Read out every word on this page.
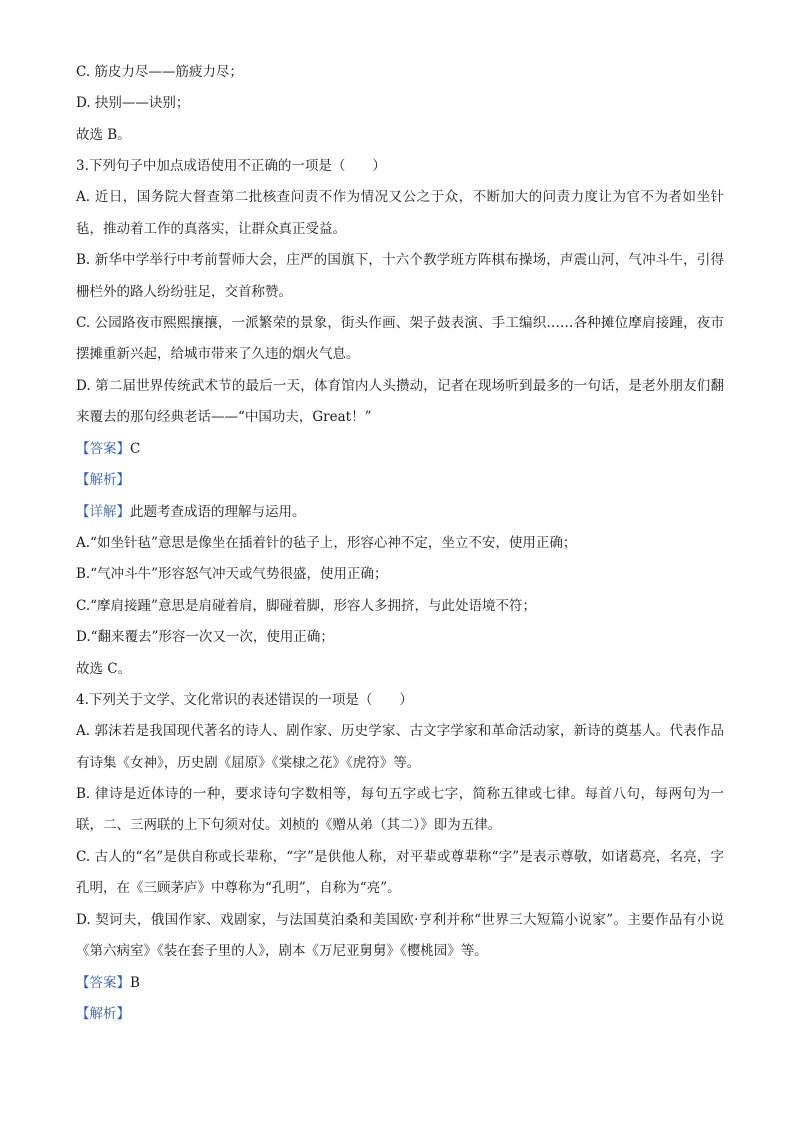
C. 筋皮力尽——筋疲力尽；
D. 抉别——诀别；
故选 B。
3.下列句子中加点成语使用不正确的一项是（　　）
A. 近日，国务院大督查第二批核查问责不作为情况又公之于众，不断加大的问责力度让为官不为者如坐针毡，推动着工作的真落实，让群众真正受益。
B. 新华中学举行中考前誓师大会，庄严的国旗下，十六个教学班方阵棋布操场，声震山河，气冲斗牛，引得栅栏外的路人纷纷驻足，交首称赞。
C. 公园路夜市熙熙攘攘，一派繁荣的景象，街头作画、架子鼓表演、手工编织……各种摊位摩肩接踵，夜市摆摊重新兴起，给城市带来了久违的烟火气息。
D. 第二届世界传统武术节的最后一天，体育馆内人头攒动，记者在现场听到最多的一句话，是老外朋友们翻来覆去的那句经典老话——“中国功夫，Great！”
【答案】C
【解析】
【详解】此题考查成语的理解与运用。
A.“如坐针毡”意思是像坐在插着针的毡子上，形容心神不定，坐立不安，使用正确；
B.“气冲斗牛”形容怒气冲天或气势很盛，使用正确；
C.“摩肩接踵”意思是肩碰着肩，脚碰着脚，形容人多拥挤，与此处语境不符；
D.“翻来覆去”形容一次又一次，使用正确；
故选 C。
4.下列关于文学、文化常识的表述错误的一项是（　　）
A. 郭沫若是我国现代著名的诗人、剧作家、历史学家、古文字学家和革命活动家，新诗的奠基人。代表作品有诗集《女神》，历史剧《屈原》《棠棣之花》《虎符》等。
B. 律诗是近体诗的一种，要求诗句字数相等，每句五字或七字，简称五律或七律。每首八句，每两句为一联，二、三两联的上下句须对仗。刘桢的《赠从弟（其二）》即为五律。
C. 古人的“名”是供自称或长辈称，“字”是供他人称，对平辈或尊辈称“字”是表示尊敬，如诸葛亮，名亮，字孔明，在《三顾茅庐》中尊称为“孔明”，自称为“亮”。
D. 契诃夫，俄国作家、戏剧家，与法国莫泊桑和美国欧·亨利并称“世界三大短篇小说家”。主要作品有小说《第六病室》《装在套子里的人》，剧本《万尼亚舅舅》《樱桃园》等。
【答案】B
【解析】
